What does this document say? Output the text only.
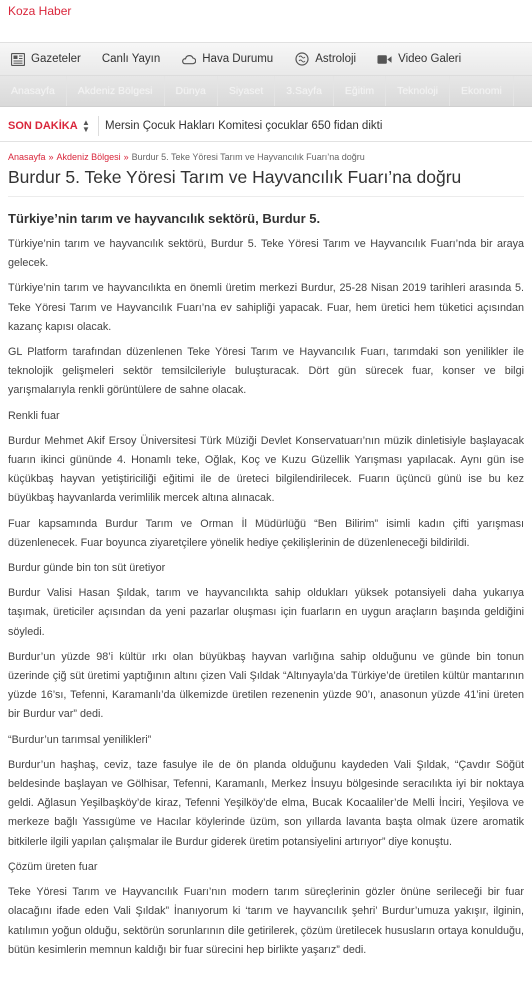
Koza Haber
Gazeteler Canlı Yayın	Hava Durumu	Astroloji	Video Galeri
Anasayfa	Akdeniz Bölgesi	Dünya	Siyaset	3.Sayfa	Eğitim	Teknoloji	Ekonomi
SON DAKİKA ▲
▼ Mersin Çocuk Hakları Komitesi çocuklar 650 fidan dikti
Anasayfa » Akdeniz Bölgesi » Burdur 5. Teke Yöresi Tarım ve Hayvancılık Fuarı’na doğru
Burdur 5. Teke Yöresi Tarım ve Hayvancılık Fuarı’na doğru
Türkiye’nin tarım ve hayvancılık sektörü, Burdur 5.

Türkiye’nin tarım ve hayvancılık sektörü, Burdur 5. Teke Yöresi Tarım ve Hayvancılık Fuarı’nda bir araya gelecek.

Türkiye’nin tarım ve hayvancılıkta en önemli üretim merkezi Burdur, 25-28 Nisan 2019 tarihleri arasında 5. Teke Yöresi Tarım ve Hayvancılık Fuarı’na ev sahipliği yapacak. Fuar, hem üretici hem tüketici açısından kazanç kapısı olacak.

GL Platform tarafından düzenlenen Teke Yöresi Tarım ve Hayvancılık Fuarı, tarımdaki son yenilikler ile teknolojik gelişmeleri sektör temsilcileriyle buluşturacak. Dört gün sürecek fuar, konser ve bilgi yarışmalarıyla renkli görüntülere de sahne olacak.

Renkli fuar

Burdur Mehmet Akif Ersoy Üniversitesi Türk Müziği Devlet Konservatuarı’nın müzik dinletisiyle başlayacak fuarın ikinci gününde 4. Honamlı teke, Oğlak, Koç ve Kuzu Güzellik Yarışması yapılacak. Aynı gün ise küçükbaş hayvan yetiştiriciliği eğitimi ile de üreteci bilgilendirilecek. Fuarın üçüncü günü ise bu kez büyükbaş hayvanlarda verimlilik mercek altına alınacak.

Fuar kapsamında Burdur Tarım ve Orman İl Müdürlüğü “Ben Bilirim” isimli kadın çifti yarışması düzenlenecek. Fuar boyunca ziyaretçilere yönelik hediye çekilişlerinin de düzenleneceği bildirildi.

Burdur günde bin ton süt üretiyor

Burdur Valisi Hasan Şıldak, tarım ve hayvancılıkta sahip oldukları yüksek potansiyeli daha yukarıya taşımak, üreticiler açısından da yeni pazarlar oluşması için fuarların en uygun araçların başında geldiğini söyledi.

Burdur’un yüzde 98’i kültür ırkı olan büyükbaş hayvan varlığına sahip olduğunu ve günde bin tonun üzerinde çiğ süt üretimi yaptığının altını çizen Vali Şıldak “Altınyayla’da Türkiye’de üretilen kültür mantarının yüzde 16’sı, Tefenni, Karamanlı’da ülkemizde üretilen rezenenin yüzde 90’ı, anasonun yüzde 41’ini üreten bir Burdur var” dedi.

“Burdur’un tarımsal yenilikleri”

Burdur’un haşhaş, ceviz, taze fasulye ile de ön planda olduğunu kaydeden Vali Şıldak, “Çavdır Söğüt beldesinde başlayan ve Gölhisar, Tefenni, Karamanlı, Merkez İnsuyu bölgesinde seracılıkta iyi bir noktaya geldi. Ağlasun Yeşilbaşköy’de kiraz, Tefenni Yeşilköy’de elma, Bucak Kocaaliler’de Melli İnciri, Yeşilova ve merkeze bağlı Yassıgüme ve Hacılar köylerinde üzüm, son yıllarda lavanta başta olmak üzere aromatik bitkilerle ilgili yapılan çalışmalar ile Burdur giderek üretim potansiyelini artırıyor” diye konuştu.

Çözüm üreten fuar

Teke Yöresi Tarım ve Hayvancılık Fuarı’nın modern tarım süreçlerinin gözler önüne serileceği bir fuar olacağını ifade eden Vali Şıldak” İnanıyorum ki ‘tarım ve hayvancılık şehri’ Burdur’umuza yakışır, ilginin, katılımın yoğun olduğu, sektörün sorunlarının dile getirilerek, çözüm üretilecek hususların ortaya konulduğu, bütün kesimlerin memnun kaldığı bir fuar sürecini hep birlikte yaşarız” dedi.
